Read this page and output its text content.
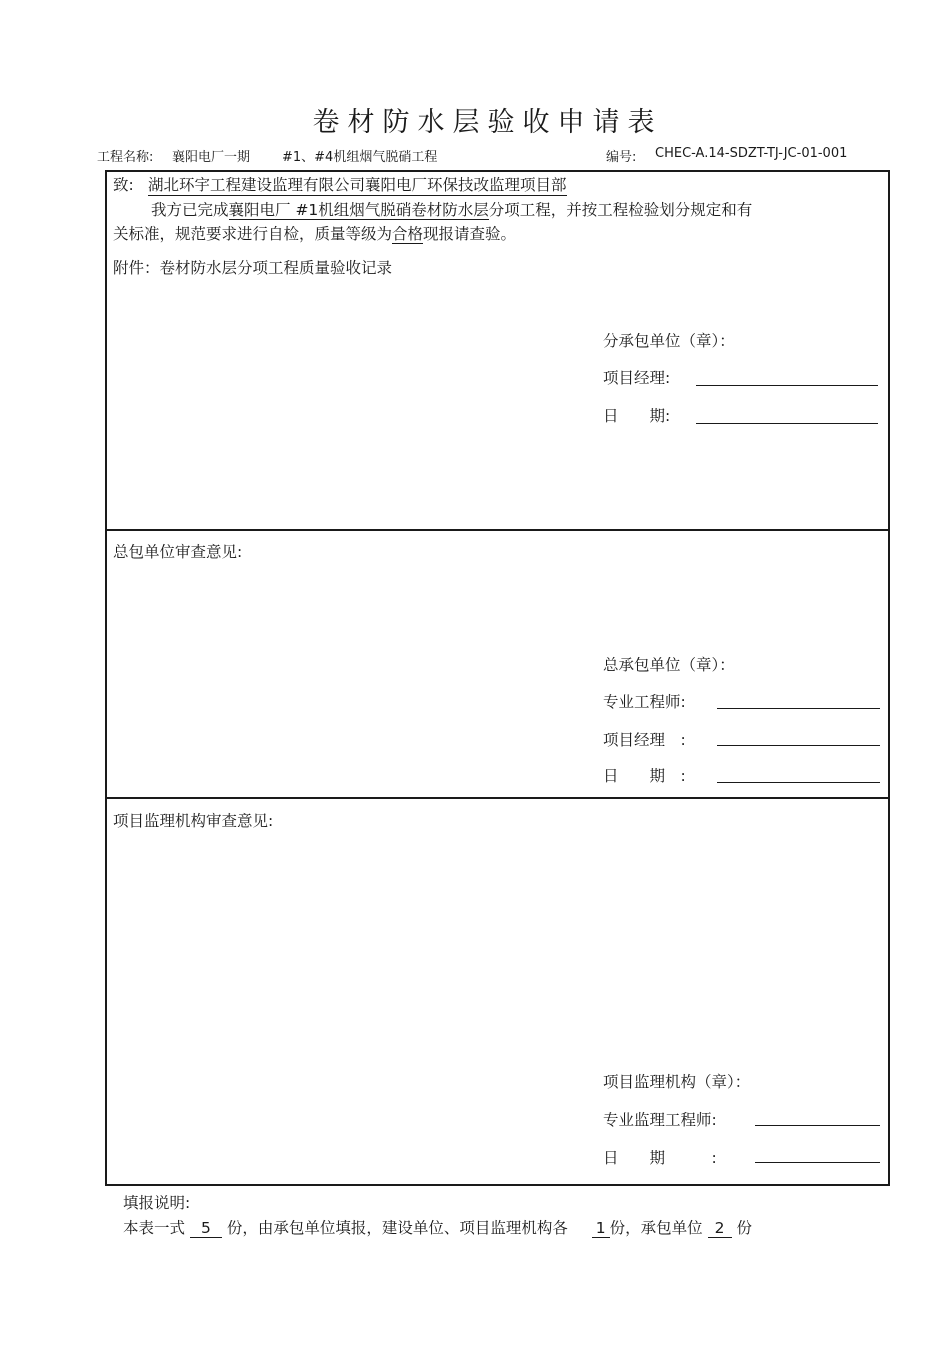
卷材防水层验收申请表
工程名称: 襄阳电厂一期 #1、#4机组烟气脱硝工程	编号: CHEC-A.14-SDZT-TJ-JC-01-001
致: 湖北环宇工程建设监理有限公司襄阳电厂环保技改监理项目部
我方已完成襄阳电厂 #1机组烟气脱硝卷材防水层分项工程，并按工程检验划分规定和有
关标准，规范要求进行自检，质量等级为合格现报请查验。
附件：卷材防水层分项工程质量验收记录
分承包单位（章）：
项目经理:
日　　期:
总包单位审查意见:
总承包单位（章）：
专业工程师:
项目经理　:
日　　期　:
项目监理机构审查意见:
项目监理机构（章）：
专业监理工程师:
日　　期　　　:
填报说明:
本表一式 5 份，由承包单位填报，建设单位、项目监理机构各 1 份，承包单位 2 份
